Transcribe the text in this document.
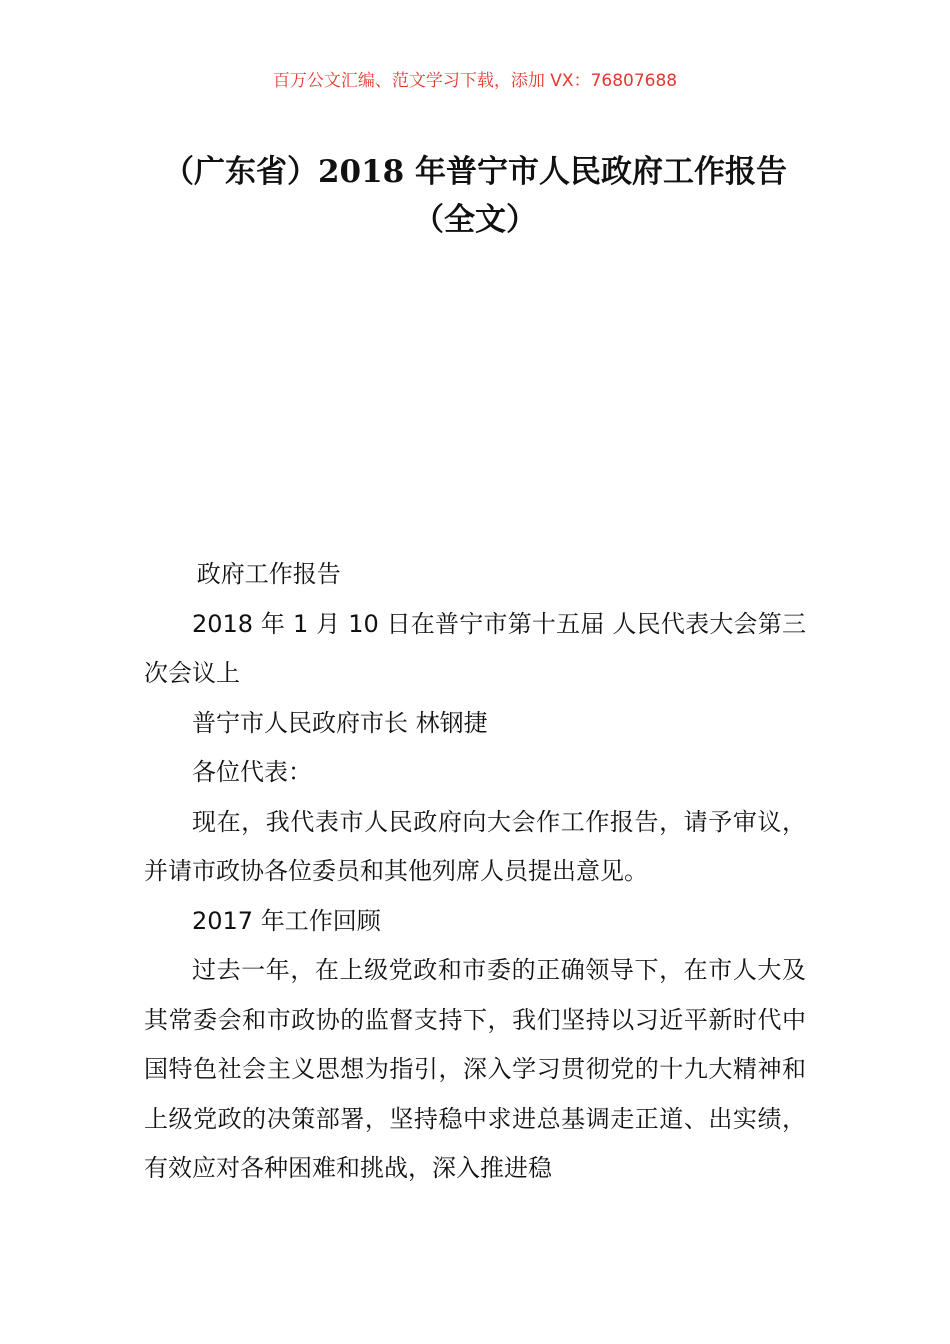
百万公文汇编、范文学习下载，添加 VX：76807688
（广东省）2018 年普宁市人民政府工作报告（全文）

政府工作报告

2018 年 1 月 10 日在普宁市第十五届 人民代表大会第三次会议上

普宁市人民政府市长 林钢捷

各位代表：

现在，我代表市人民政府向大会作工作报告，请予审议，并请市政协各位委员和其他列席人员提出意见。

2017 年工作回顾

过去一年，在上级党政和市委的正确领导下，在市人大及其常委会和市政协的监督支持下，我们坚持以习近平新时代中国特色社会主义思想为指引，深入学习贯彻党的十九大精神和上级党政的决策部署，坚持稳中求进总基调走正道、出实绩，有效应对各种困难和挑战，深入推进稳
